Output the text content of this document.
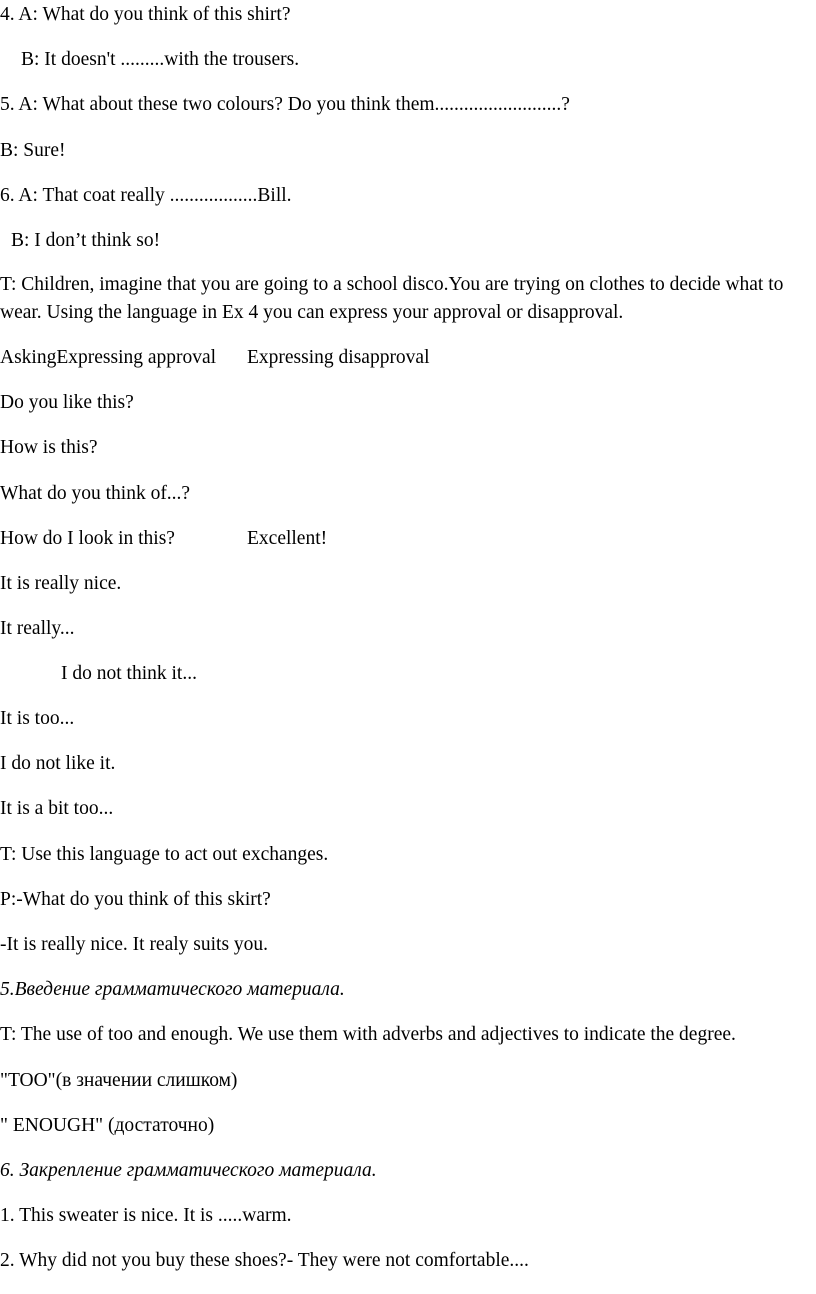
4. A: What do you think of this shirt?
B: It doesn't .........with the trousers.
5. A: What about these two colours? Do you think them..........................?
B: Sure!
6. A: That coat really ..................Bill.
B: I don’t think so!
T: Children, imagine that you are going to a school disco.You are trying on clothes to decide what to wear. Using the language in Ex 4 you can express your approval or disapproval.
AskingExpressing approval Expressing disapproval
Do you like this?
How is this?
What do you think of...?
How do I look in this?	Excellent!
It is really nice.
It really...
I do not think it...
It is too...
I do not like it.
It is a bit too...
T: Use this language to act out exchanges.
P:-What do you think of this skirt?
-It is really nice. It realy suits you.
5.Введение грамматического материала.
T: The use of too and enough. We use them with adverbs and adjectives to indicate the degree.
"TOO"(в значении слишком)
" ENOUGH" (достаточно)
6. Закрепление грамматического материала.
1. This sweater is nice. It is .....warm.
2. Why did not you buy these shoes?- They were not comfortable....
